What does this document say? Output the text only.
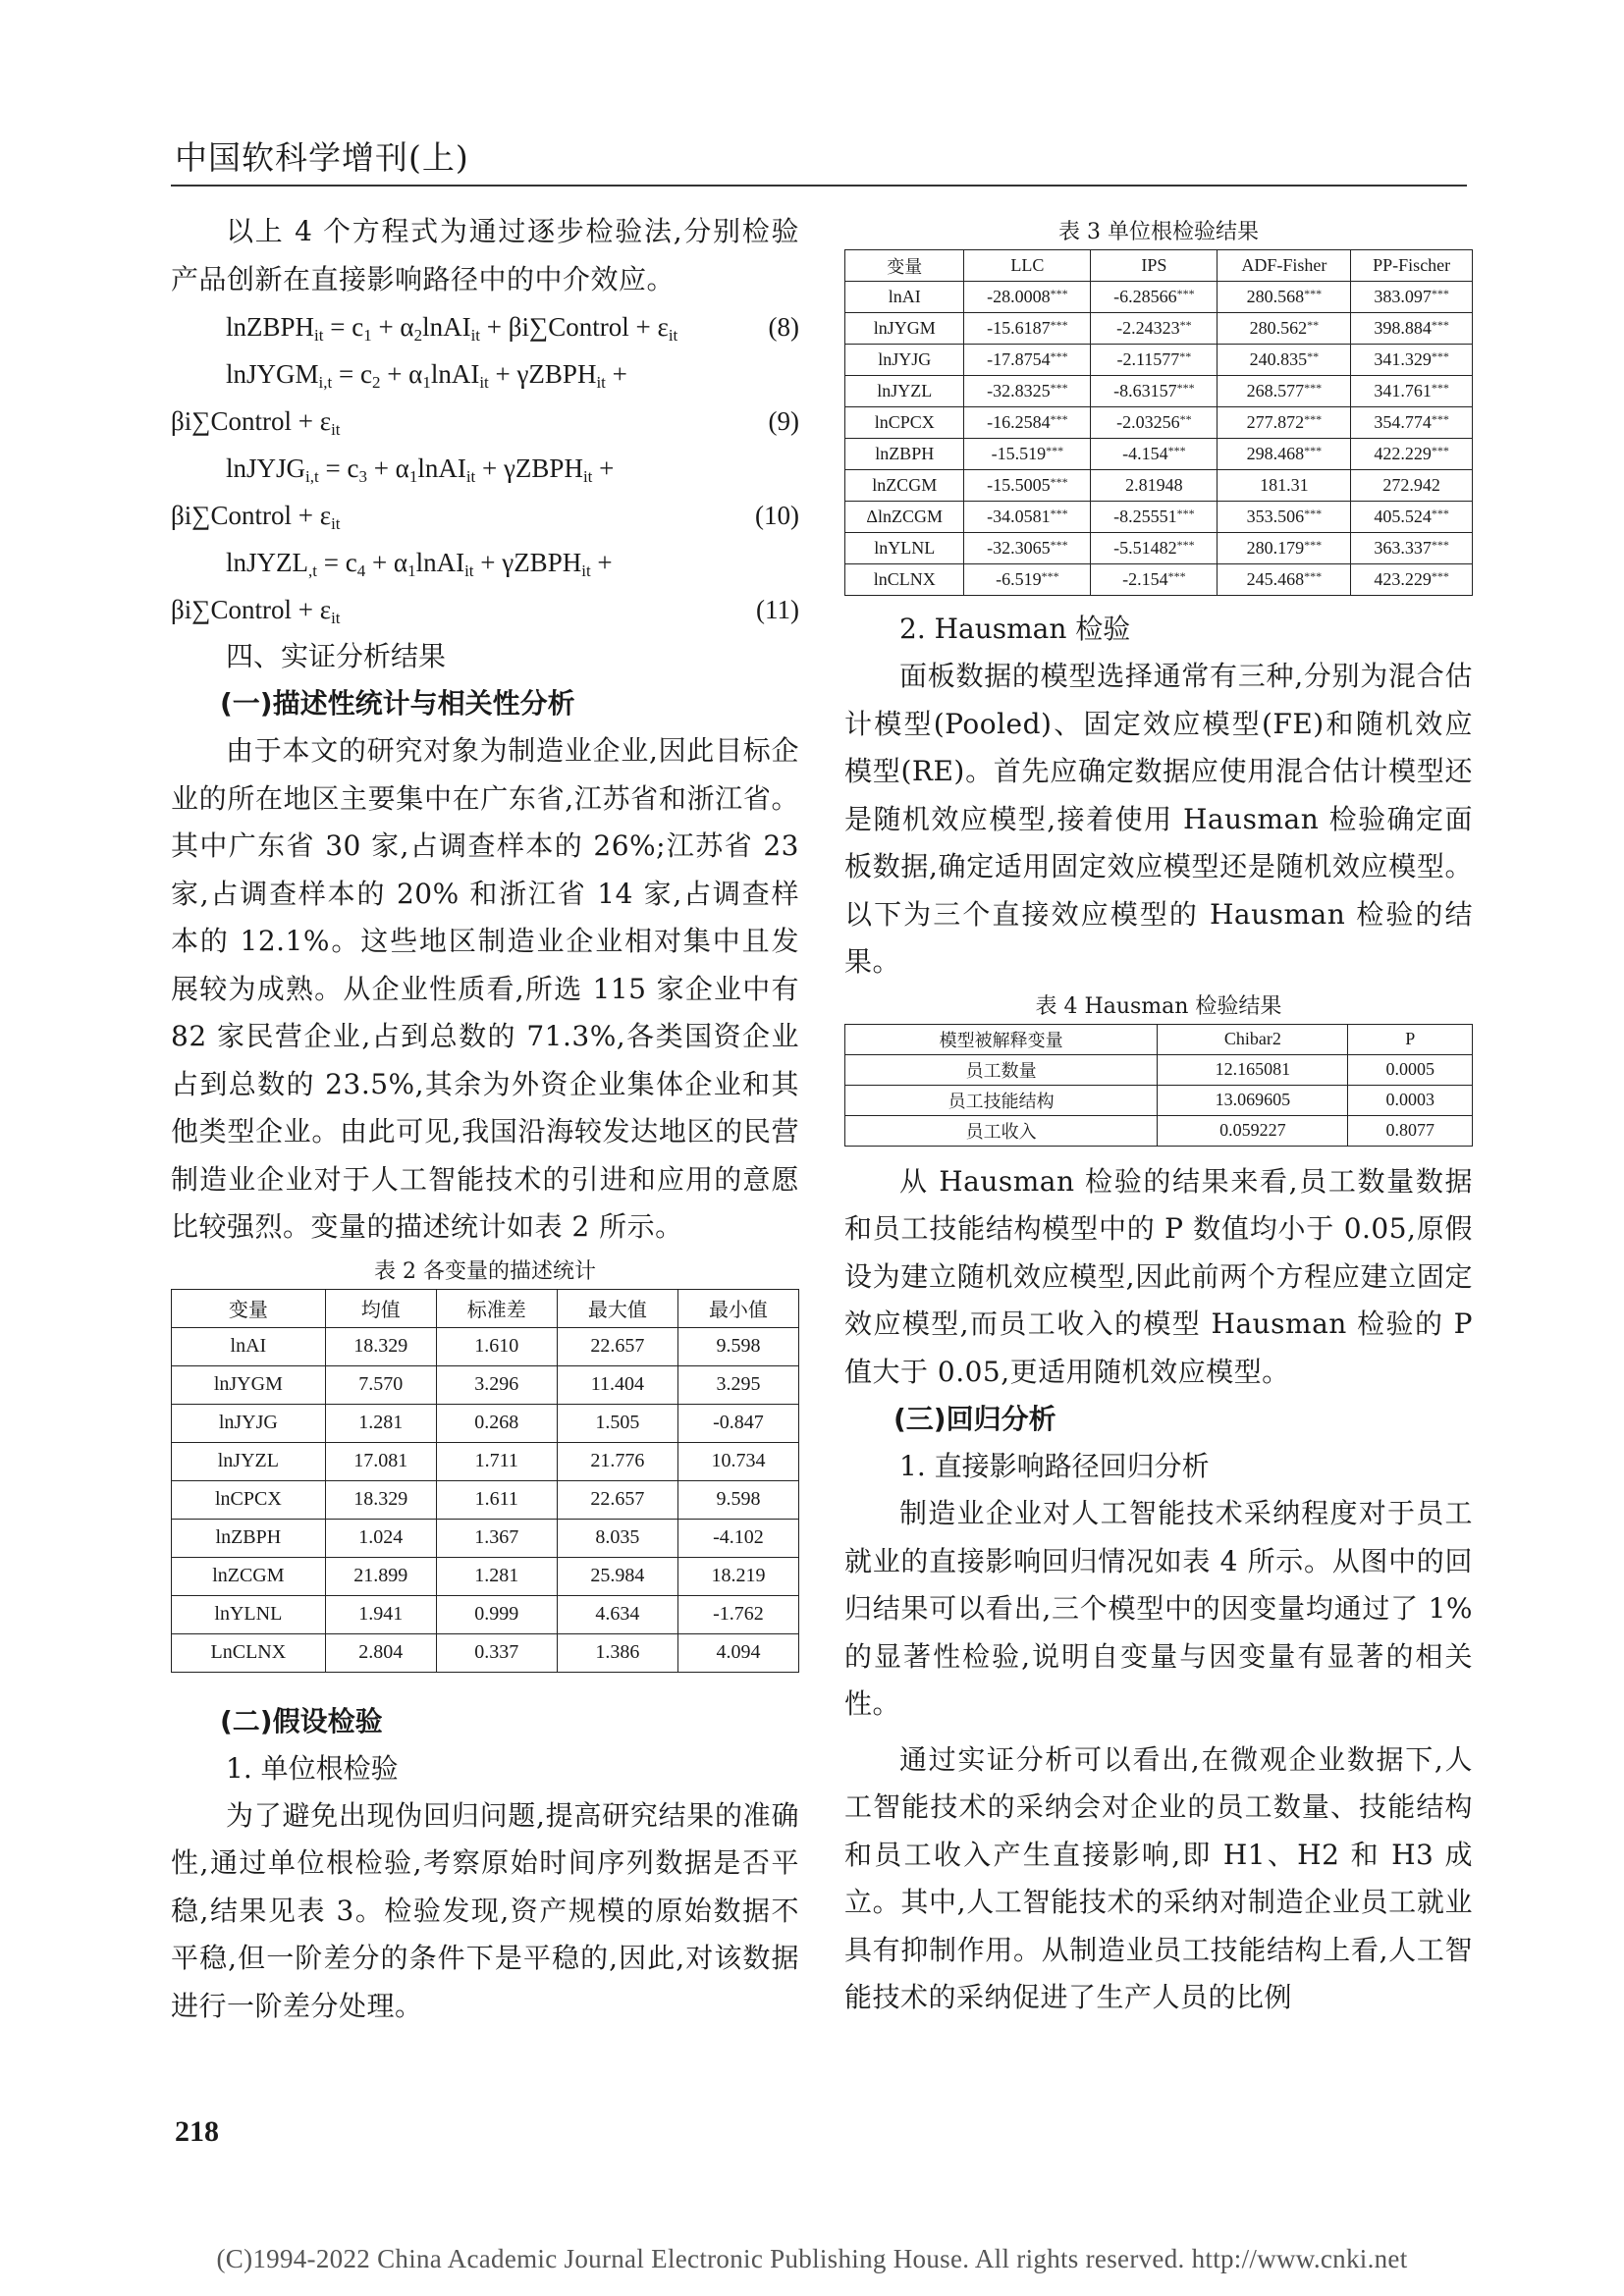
中国软科学增刊(上)

以上 4 个方程式为通过逐步检验法,分别检验产品创新在直接影响路径中的中介效应。

lnZBPH$_{it}$ = $c_1$ + $\alpha_2lnAI_{it}$ + βi∑Control + $\varepsilon_{it}$	(8)
lnJYGM$_{i,t}$ = $c_2$ + $\alpha_1lnAI_{it}$ + γZBPH$_{it}$ +
βi∑Control + $\varepsilon_{it}$	(9)
lnJYJG$_{i,t}$ = $c_3$ + $\alpha_1lnAI_{it}$ + γZBPH$_{it}$ +
βi∑Control + $\varepsilon_{it}$	(10)
lnJYZL$_{,t}$ = $c_4$ + $\alpha_1lnAI_{it}$ + γZBPH$_{it}$ +
βi∑Control + $\varepsilon_{it}$	(11)
四、实证分析结果
(一)描述性统计与相关性分析

由于本文的研究对象为制造业企业,因此目标企业的所在地区主要集中在广东省,江苏省和浙江省。其中广东省 30 家,占调查样本的 26%;江苏省 23 家,占调查样本的 20% 和浙江省 14 家,占调查样本的 12.1%。这些地区制造业企业相对集中且发展较为成熟。从企业性质看,所选 115 家企业中有 82 家民营企业,占到总数的 71.3%,各类国资企业占到总数的 23.5%,其余为外资企业集体企业和其他类型企业。由此可见,我国沿海较发达地区的民营制造业企业对于人工智能技术的引进和应用的意愿比较强烈。变量的描述统计如表 2 所示。

表 2 各变量的描述统计
变量	均值	标准差	最大值	最小值
lnAI	18.329	1.610	22.657	9.598
lnJYGM	7.570	3.296	11.404	3.295
lnJYJG	1.281	0.268	1.505	-0.847
lnJYZL	17.081	1.711	21.776	10.734
lnCPCX	18.329	1.611	22.657	9.598
lnZBPH	1.024	1.367	8.035	-4.102
lnZCGM	21.899	1.281	25.984	18.219
lnYLNL	1.941	0.999	4.634	-1.762
LnCLNX	2.804	0.337	1.386	4.094
(二)假设检验
1. 单位根检验

为了避免出现伪回归问题,提高研究结果的准确性,通过单位根检验,考察原始时间序列数据是否平稳,结果见表 3。检验发现,资产规模的原始数据不平稳,但一阶差分的条件下是平稳的,因此,对该数据进行一阶差分处理。

表 3 单位根检验结果
变量	LLC	IPS	ADF-Fisher	PP-Fischer
lnAI	-28.0008***	-6.28566***	280.568***	383.097***
lnJYGM	-15.6187***	-2.24323**	280.562**	398.884***
lnJYJG	-17.8754***	-2.11577**	240.835**	341.329***
lnJYZL	-32.8325***	-8.63157***	268.577***	341.761***
lnCPCX	-16.2584***	-2.03256**	277.872***	354.774***
lnZBPH	-15.519***	-4.154***	298.468***	422.229***
lnZCGM	-15.5005***	2.81948	181.31	272.942
ΔlnZCGM	-34.0581***	-8.25551***	353.506***	405.524***
lnYLNL	-32.3065***	-5.51482***	280.179***	363.337***
lnCLNX	-6.519***	-2.154***	245.468***	423.229***
2. Hausman 检验

面板数据的模型选择通常有三种,分别为混合估计模型(Pooled)、固定效应模型(FE)和随机效应模型(RE)。首先应确定数据应使用混合估计模型还是随机效应模型,接着使用 Hausman 检验确定面板数据,确定适用固定效应模型还是随机效应模型。以下为三个直接效应模型的 Hausman 检验的结果。

表 4 Hausman 检验结果
模型被解释变量	Chibar2	P
员工数量	12.165081	0.0005
员工技能结构	13.069605	0.0003
员工收入	0.059227	0.8077

从 Hausman 检验的结果来看,员工数量数据和员工技能结构模型中的 P 数值均小于 0.05,原假设为建立随机效应模型,因此前两个方程应建立固定效应模型,而员工收入的模型 Hausman 检验的 P 值大于 0.05,更适用随机效应模型。

(三)回归分析
1. 直接影响路径回归分析

制造业企业对人工智能技术采纳程度对于员工就业的直接影响回归情况如表 4 所示。从图中的回归结果可以看出,三个模型中的因变量均通过了 1% 的显著性检验,说明自变量与因变量有显著的相关性。

通过实证分析可以看出,在微观企业数据下,人工智能技术的采纳会对企业的员工数量、技能结构和员工收入产生直接影响,即 H1、H2 和 H3 成立。其中,人工智能技术的采纳对制造企业员工就业具有抑制作用。从制造业员工技能结构上看,人工智能技术的采纳促进了生产人员的比例

218
(C)1994-2022 China Academic Journal Electronic Publishing House. All rights reserved. http://www.cnki.net
